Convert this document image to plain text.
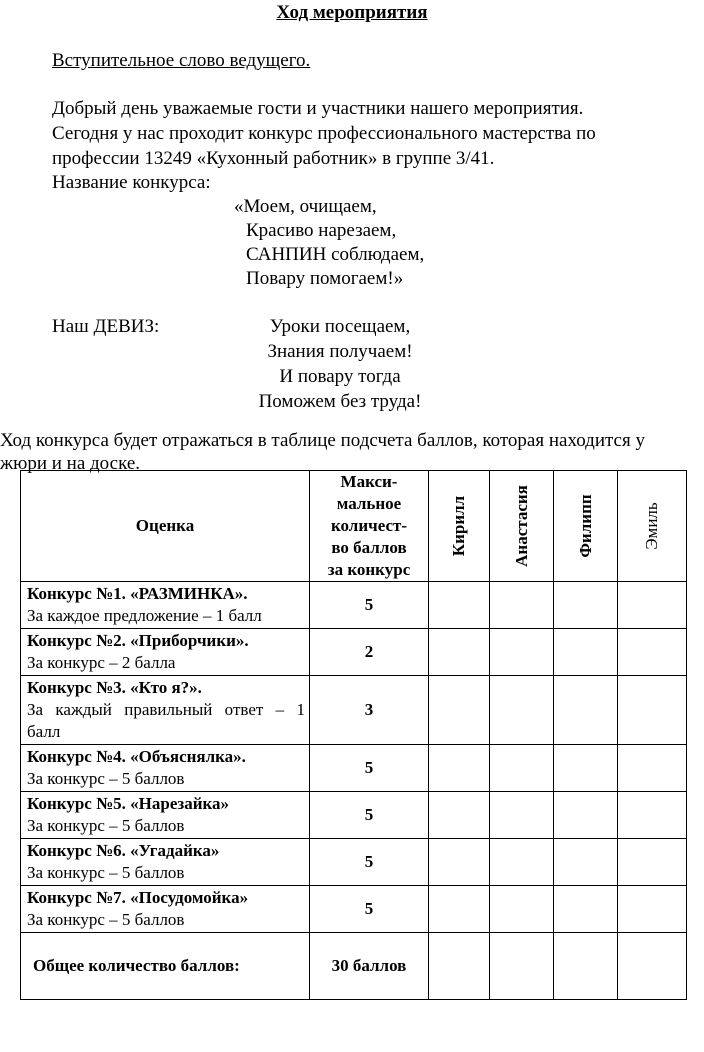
Ход мероприятия
Вступительное слово ведущего.
Добрый день уважаемые гости и участники нашего мероприятия.
Сегодня у нас проходит конкурс профессионального мастерства по
профессии 13249 «Кухонный работник» в группе 3/41.
Название конкурса:
«Моем, очищаем,
Красиво нарезаем,
САНПИН соблюдаем,
Повару помогаем!»
Наш ДЕВИЗ:	Уроки посещаем,
Знания получаем!
И повару тогда
Поможем без труда!
Ход конкурса будет отражаться в таблице подсчета баллов, которая находится у
жюри и на доске.
Оценка	Макси-
мальное
количест-
во баллов
за конкурс	Кирилл	Анастасия	Филипп	Эмиль

Конкурс №1. «РАЗМИНКА».
За каждое предложение – 1 балл	5				
Конкурс №2. «Приборчики».
За конкурс – 2 балла	2				
Конкурс №3. «Кто я?».
За каждый правильный ответ – 1
балл	3				
Конкурс №4. «Объяснялка».
За конкурс – 5 баллов	5				
Конкурс №5. «Нарезайка»
За конкурс – 5 баллов	5				
Конкурс №6. «Угадайка»
За конкурс – 5 баллов	5				
Конкурс №7. «Посудомойка»
За конкурс – 5 баллов	5				
Общее количество баллов:	30 баллов				
